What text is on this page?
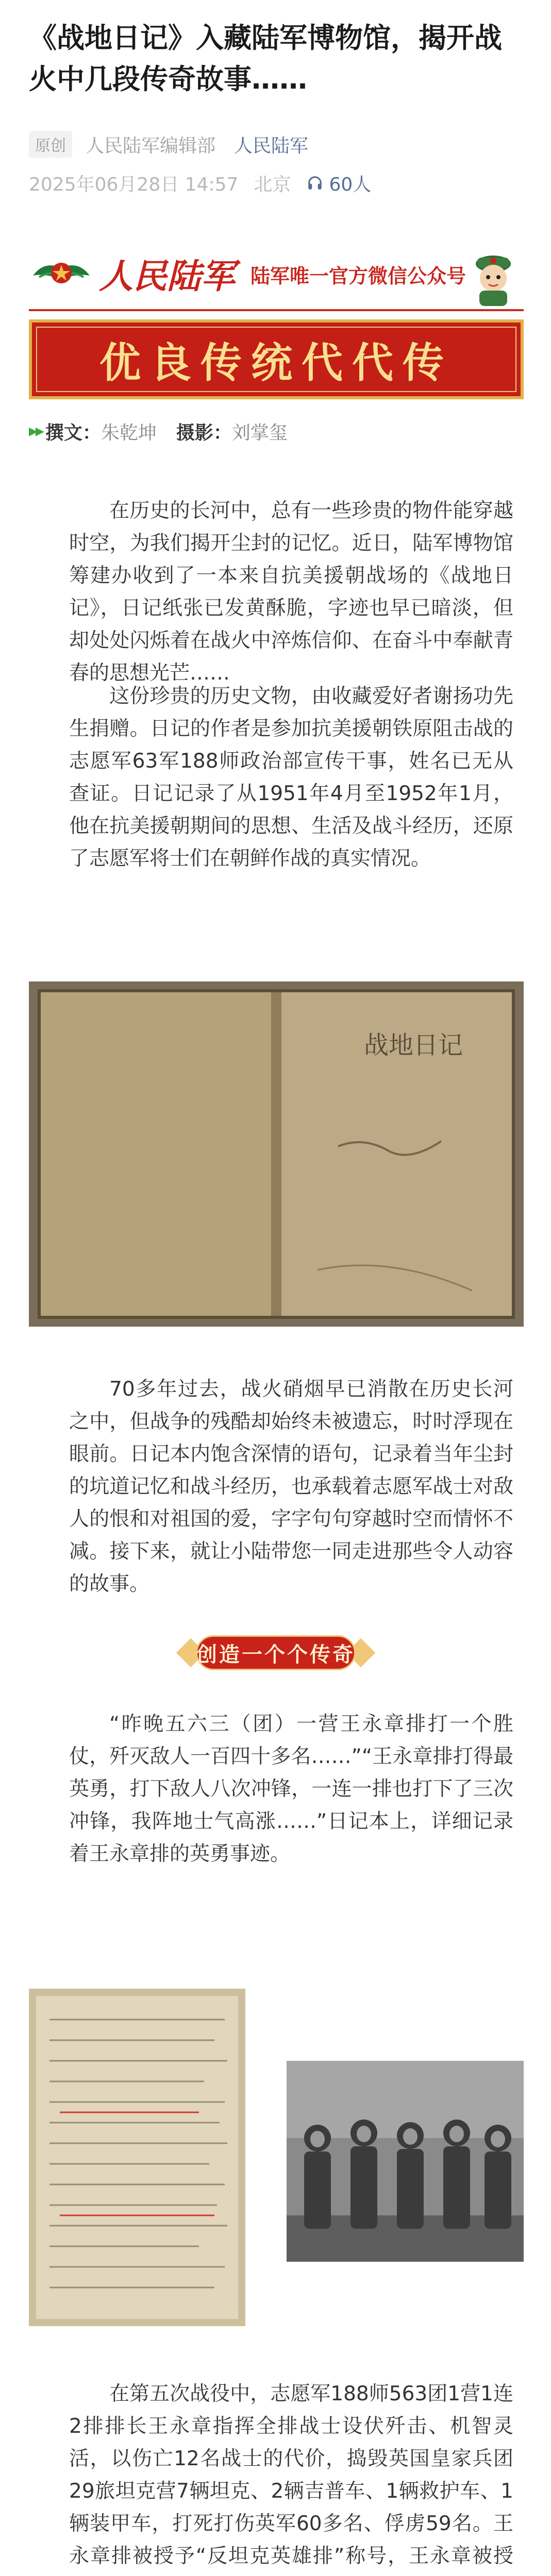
《战地日记》入藏陆军博物馆，揭开战火中几段传奇故事……
原创	人民陆军编辑部 人民陆军
2025年06月28日 14:57 北京 60人
人民陆军 陆军唯一官方微信公众号
优良传统代代传
▶▶ 撰文： 朱乾坤 摄影： 刘掌玺

在历史的长河中，总有一些珍贵的物件能穿越时空，为我们揭开尘封的记忆。近日，陆军博物馆筹建办收到了一本来自抗美援朝战场的《战地日记》，日记纸张已发黄酥脆，字迹也早已暗淡，但却处处闪烁着在战火中淬炼信仰、在奋斗中奉献青春的思想光芒……

这份珍贵的历史文物，由收藏爱好者谢扬功先生捐赠。日记的作者是参加抗美援朝铁原阻击战的志愿军63军188师政治部宣传干事，姓名已无从查证。日记记录了从1951年4月至1952年1月，他在抗美援朝期间的思想、生活及战斗经历，还原了志愿军将士们在朝鲜作战的真实情况。

战地日记

70多年过去，战火硝烟早已消散在历史长河之中，但战争的残酷却始终未被遗忘，时时浮现在眼前。日记本内饱含深情的语句，记录着当年尘封的坑道记忆和战斗经历，也承载着志愿军战士对敌人的恨和对祖国的爱，字字句句穿越时空而情怀不减。接下来，就让小陆带您一同走进那些令人动容的故事。

创造一个个传奇

“昨晚五六三（团）一营王永章排打一个胜仗，歼灭敌人一百四十多名……”“王永章排打得最英勇，打下敌人八次冲锋，一连一排也打下了三次冲锋，我阵地士气高涨……”日记本上，详细记录着王永章排的英勇事迹。

在第五次战役中，志愿军188师563团1营1连2排排长王永章指挥全排战士设伏歼击、机智灵活，以伤亡12名战士的代价，捣毁英国皇家兵团29旅坦克营7辆坦克、2辆吉普车、1辆救护车、1辆装甲车，打死打伤英军60多名、俘虏59名。王永章排被授予“反坦克英雄排”称号，王永章被授
